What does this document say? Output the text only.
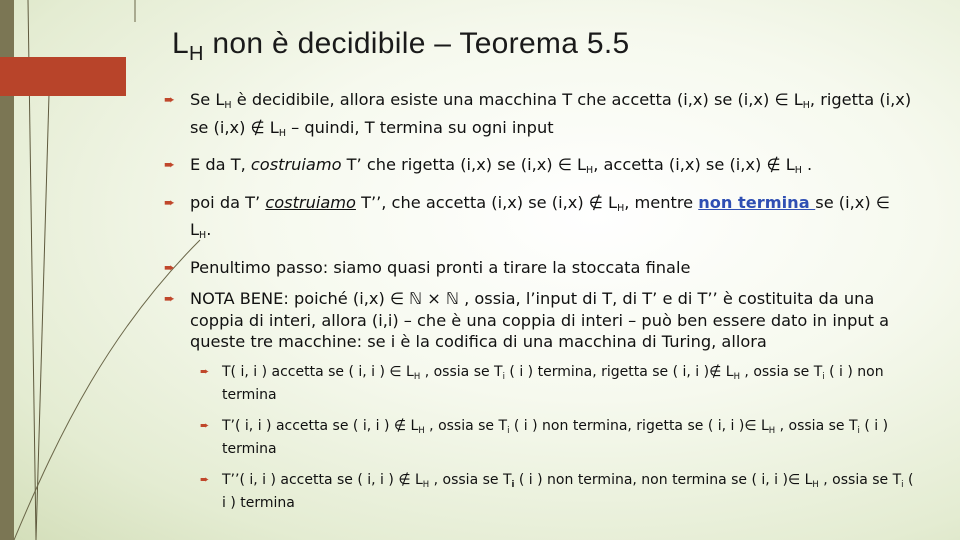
$L_H$ non è decidibile – Teorema 5.5
➨ Se $L_H$ è decidibile, allora esiste una macchina T che accetta (i,x) se (i,x) ∈ $L_H$, rigetta (i,x) se (i,x) ∉ $L_H$ – quindi, T termina su ogni input
➨ E da T, costruiamo T’ che rigetta (i,x) se (i,x) ∈ $L_H$, accetta (i,x) se (i,x) ∉ $L_H$ .
➨ poi da T’ costruiamo T’’, che accetta (i,x) se (i,x) ∉ $L_H$, mentre non termina se (i,x) ∈ $L_H$.
➨ Penultimo passo: siamo quasi pronti a tirare la stoccata finale
➨ NOTA BENE: poiché (i,x) ∈ ℕ × ℕ , ossia, l’input di T, di T’ e di T’’ è costituita da una coppia di interi, allora (i,i) – che è una coppia di interi – può ben essere dato in input a queste tre macchine: se i è la codifica di una macchina di Turing, allora
➨ T( i, i ) accetta se ( i, i ) ∈ $L_H$ , ossia se $T_i$ ( i ) termina, rigetta se ( i, i )∉ $L_H$ , ossia se $T_i$ ( i ) non termina
➨ T’( i, i ) accetta se ( i, i ) ∉ $L_H$ , ossia se $T_i$ ( i ) non termina, rigetta se ( i, i )∈ $L_H$ , ossia se $T_i$ ( i ) termina
➨ T’’( i, i ) accetta se ( i, i ) ∉ $L_H$ , ossia se $T_i$ ( i ) non termina, non termina se ( i, i )∈ $L_H$ , ossia se $T_i$ ( i ) termina
